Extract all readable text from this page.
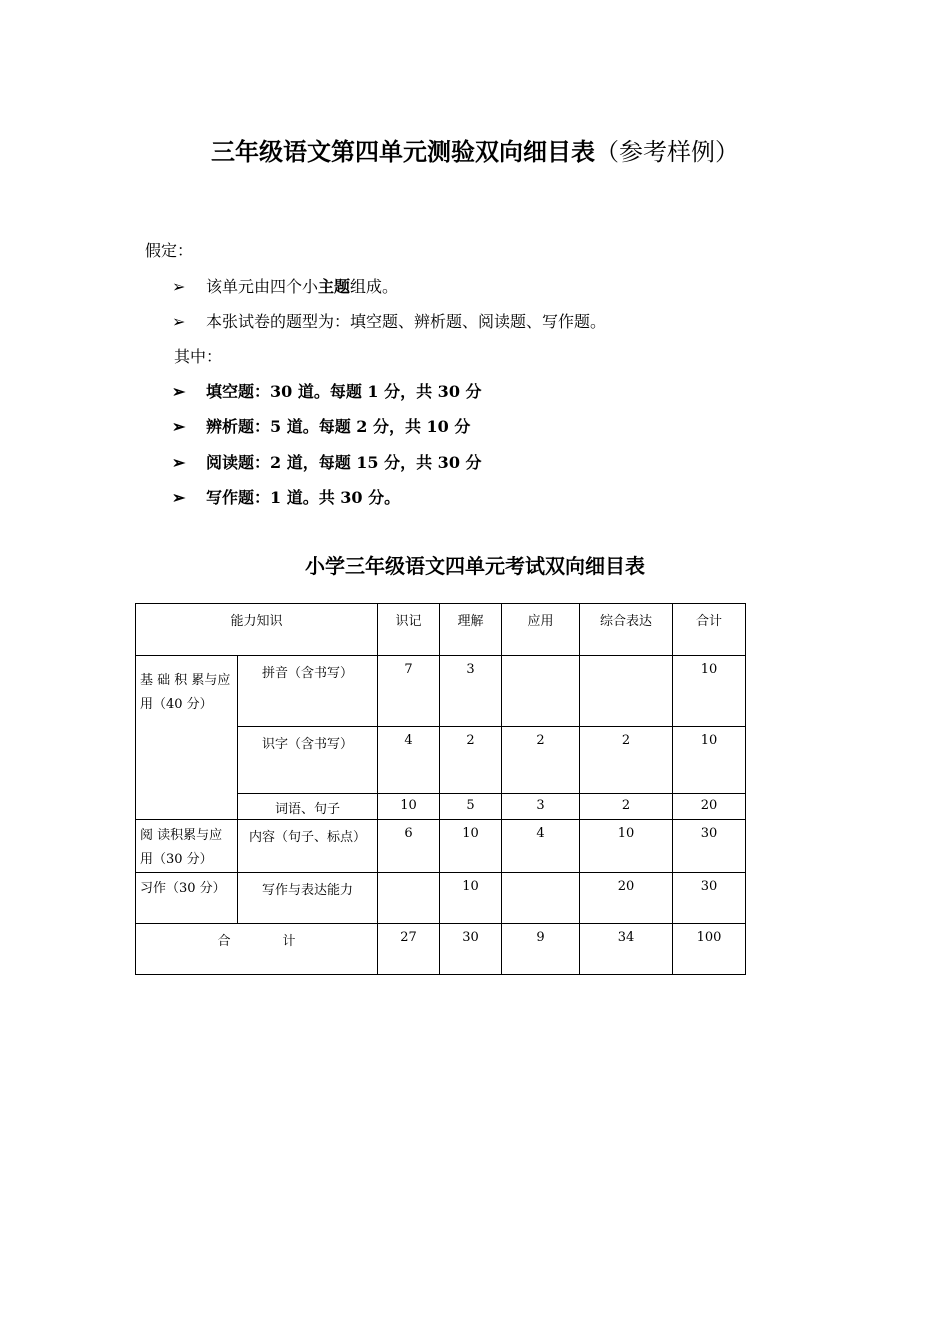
三年级语文第四单元测验双向细目表（参考样例）
假定：
➢ 该单元由四个小主题组成。
➢ 本张试卷的题型为：填空题、辨析题、阅读题、写作题。
其中：
➢ 填空题：30 道。每题 1 分，共 30 分
➢ 辨析题：5 道。每题 2 分，共 10 分
➢ 阅读题：2 道，每题 15 分，共 30 分
➢ 写作题：1 道。共 30 分。
小学三年级语文四单元考试双向细目表
能力知识		识记	理解	应用	综合表达	合计
基 础 积 累与应用（40 分）	拼音（含书写）	7	3			10
	识字（含书写）	4	2	2	2	10
	词语、句子	10	5	3	2	20
阅 读积累与应用（30 分）	内容（句子、标点）	6	10	4	10	30
习作（30 分）	写作与表达能力		10		20	30
合　　　　计		27	30	9	34	100
